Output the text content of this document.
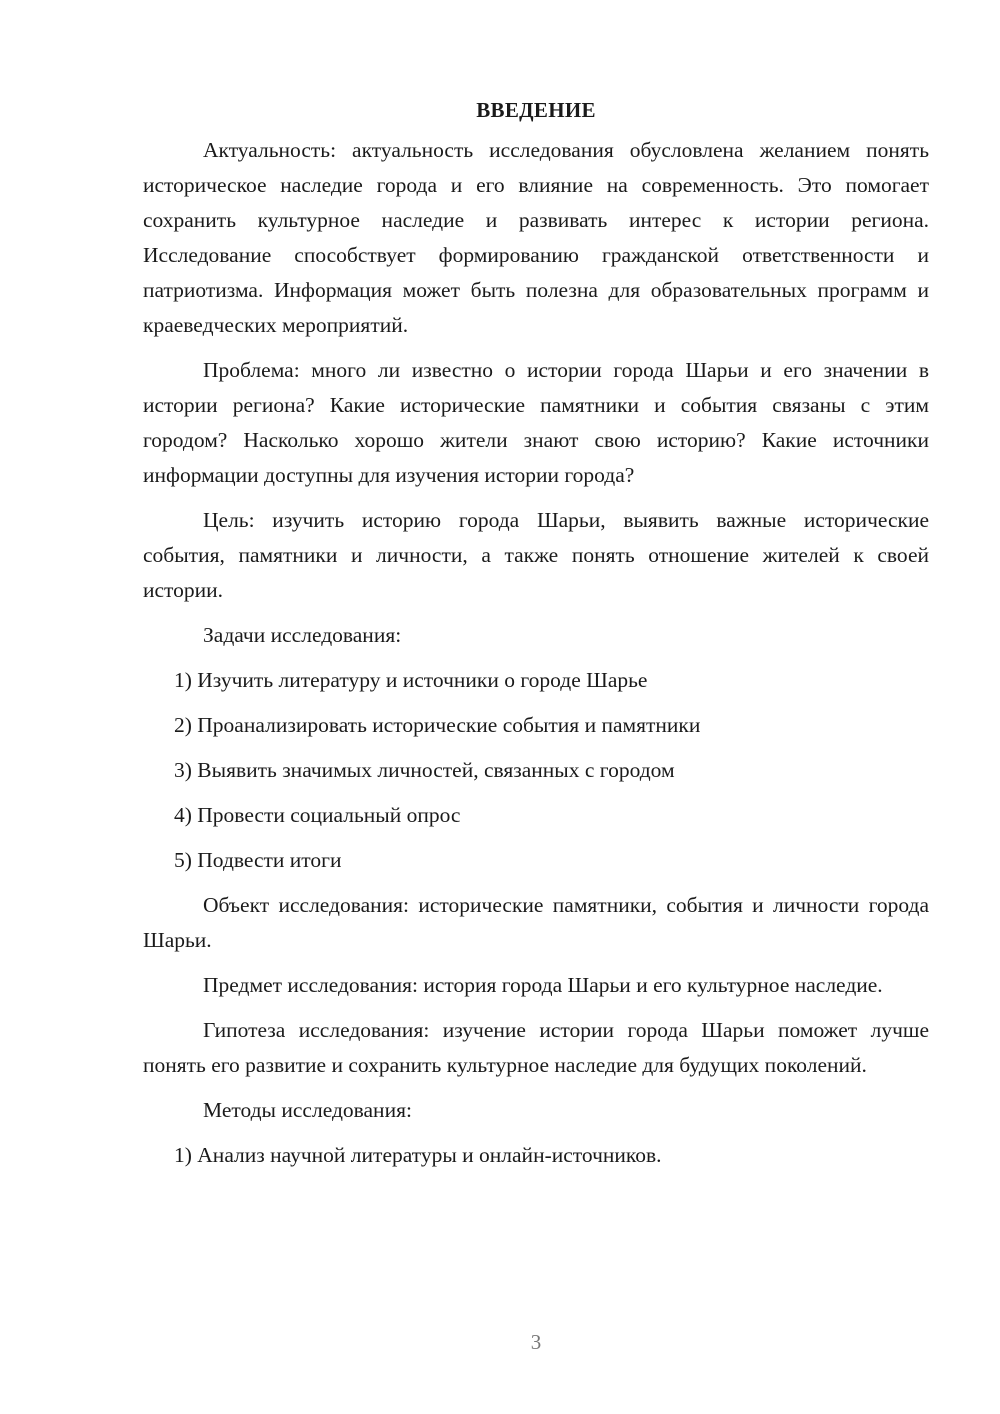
ВВЕДЕНИЕ

Актуальность: актуальность исследования обусловлена желанием понять историческое наследие города и его влияние на современность. Это помогает сохранить культурное наследие и развивать интерес к истории региона. Исследование способствует формированию гражданской ответственности и патриотизма. Информация может быть полезна для образовательных программ и краеведческих мероприятий.

Проблема: много ли известно о истории города Шарьи и его значении в истории региона? Какие исторические памятники и события связаны с этим городом? Насколько хорошо жители знают свою историю? Какие источники информации доступны для изучения истории города?

Цель: изучить историю города Шарьи, выявить важные исторические события, памятники и личности, а также понять отношение жителей к своей истории.

Задачи исследования:

1) Изучить литературу и источники о городе Шарье
2) Проанализировать исторические события и памятники
3) Выявить значимых личностей, связанных с городом
4) Провести социальный опрос
5) Подвести итоги

Объект исследования: исторические памятники, события и личности города Шарьи.

Предмет исследования: история города Шарьи и его культурное наследие.

Гипотеза исследования: изучение истории города Шарьи поможет лучше понять его развитие и сохранить культурное наследие для будущих поколений.

Методы исследования:

1) Анализ научной литературы и онлайн-источников.
3
